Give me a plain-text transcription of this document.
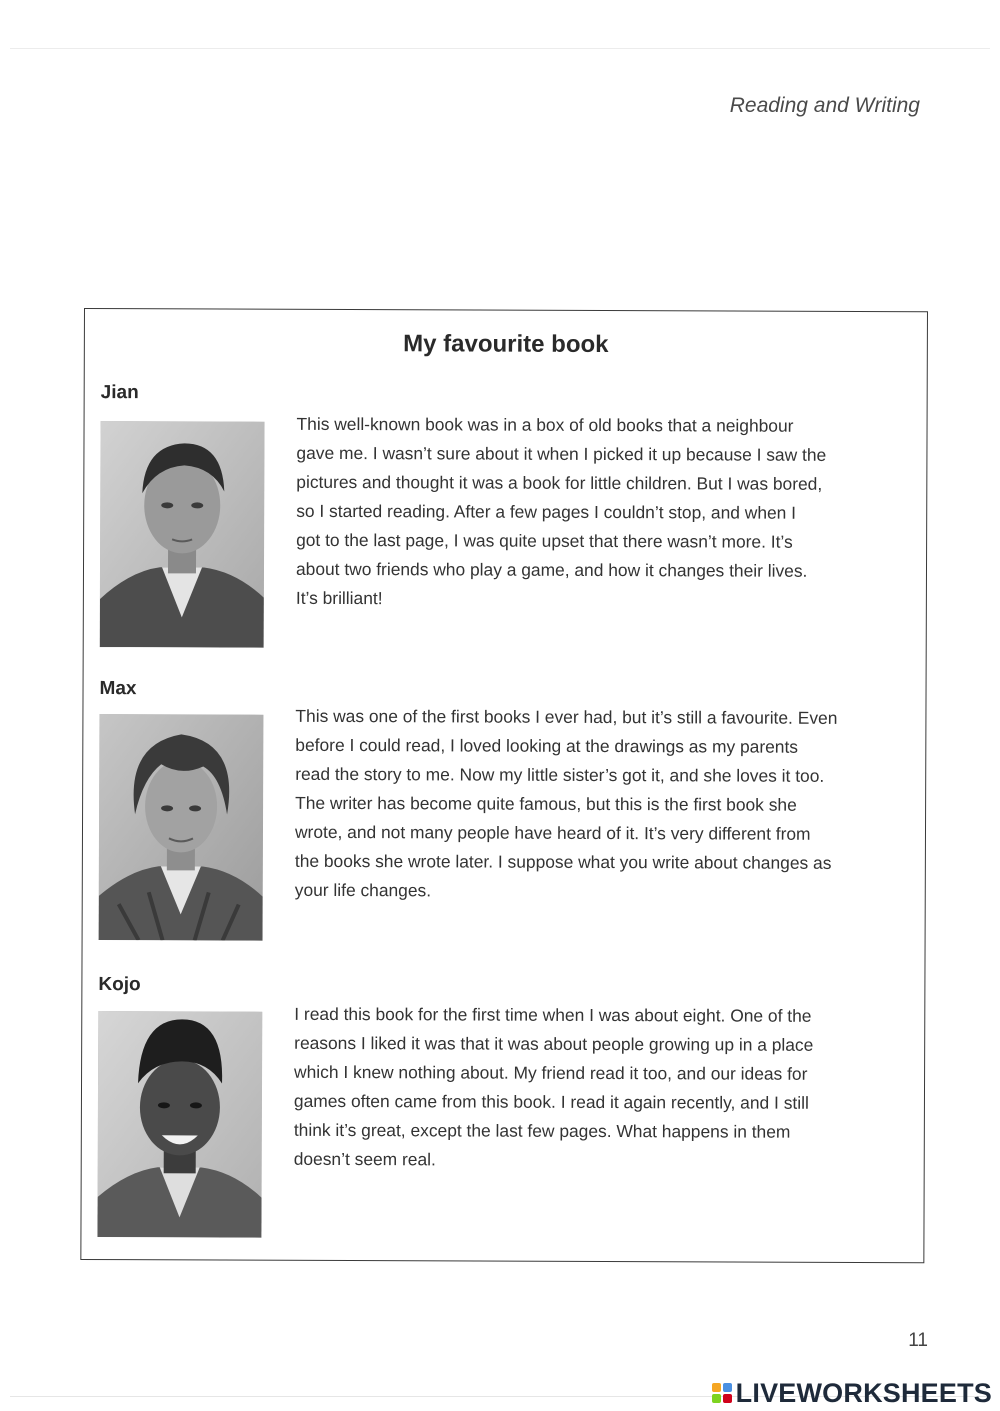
Reading and Writing
My favourite book
Jian
This well-known book was in a box of old books that a neighbour
gave me. I wasn’t sure about it when I picked it up because I saw the
pictures and thought it was a book for little children. But I was bored,
so I started reading. After a few pages I couldn’t stop, and when I
got to the last page, I was quite upset that there wasn’t more. It’s
about two friends who play a game, and how it changes their lives.
It’s brilliant!
Max
This was one of the first books I ever had, but it’s still a favourite. Even
before I could read, I loved looking at the drawings as my parents
read the story to me. Now my little sister’s got it, and she loves it too.
The writer has become quite famous, but this is the first book she
wrote, and not many people have heard of it. It’s very different from
the books she wrote later. I suppose what you write about changes as
your life changes.
Kojo
I read this book for the first time when I was about eight. One of the
reasons I liked it was that it was about people growing up in a place
which I knew nothing about. My friend read it too, and our ideas for
games often came from this book. I read it again recently, and I still
think it’s great, except the last few pages. What happens in them
doesn’t seem real.
11
LIVEWORKSHEETS
